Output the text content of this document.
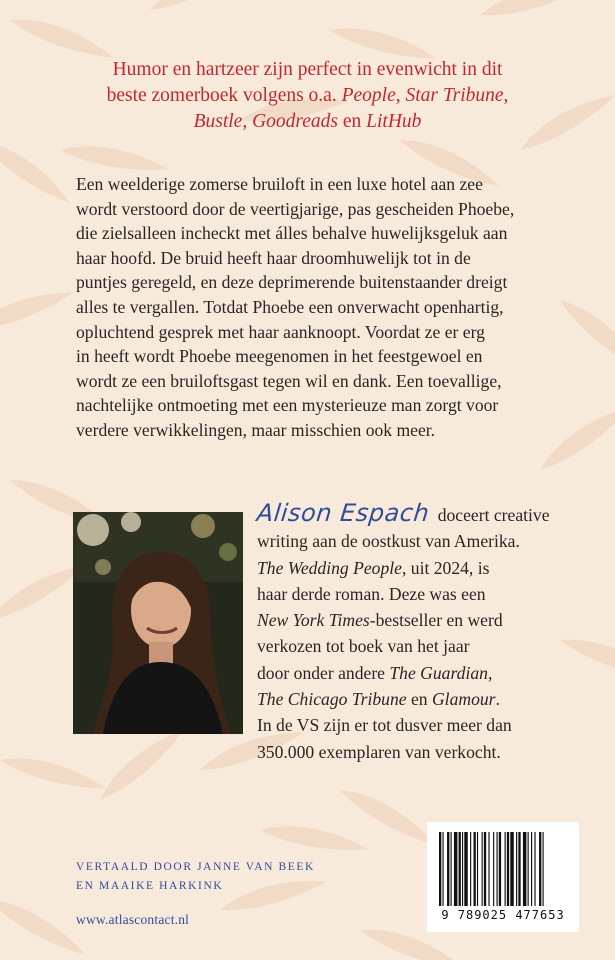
Humor en hartzeer zijn perfect in evenwicht in dit

beste zomerboek volgens o.a. People, Star Tribune,

Bustle, Goodreads en LitHub

Een weelderige zomerse bruiloft in een luxe hotel aan zee

wordt verstoord door de veertigjarige, pas gescheiden Phoebe,

die zielsalleen incheckt met álles behalve huwelijksgeluk aan

haar hoofd. De bruid heeft haar droomhuwelijk tot in de

puntjes geregeld, en deze deprimerende buitenstaander dreigt

alles te vergallen. Totdat Phoebe een onverwacht openhartig,

opluchtend gesprek met haar aanknoopt. Voordat ze er erg

in heeft wordt Phoebe meegenomen in het feestgewoel en

wordt ze een bruiloftsgast tegen wil en dank. Een toevallige,

nachtelijke ontmoeting met een mysterieuze man zorgt voor

verdere verwikkelingen, maar misschien ook meer.

Alison Espach doceert creative

writing aan de oostkust van Amerika.

The Wedding People, uit 2024, is

haar derde roman. Deze was een

New York Times-bestseller en werd

verkozen tot boek van het jaar

door onder andere The Guardian,

The Chicago Tribune en Glamour.

In de VS zijn er tot dusver meer dan

350.000 exemplaren van verkocht.

VERTAALD DOOR JANNE VAN BEEK

EN MAAIKE HARKINK

www.atlascontact.nl	9 789025 477653
